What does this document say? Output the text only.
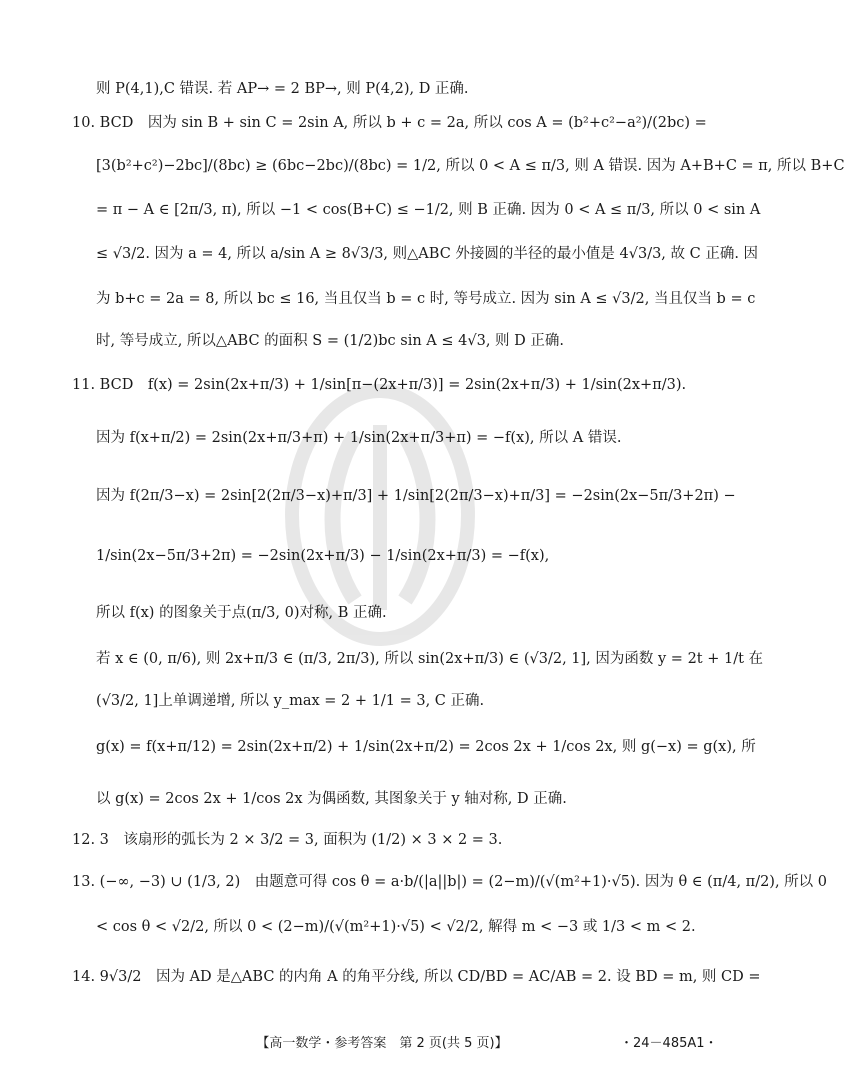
则 P(4,1),C 错误. 若 AP→ = 2 BP→, 则 P(4,2), D 正确.
10. BCD　因为 sin B + sin C = 2sin A, 所以 b + c = 2a, 所以 cos A = (b²+c²−a²)/(2bc) =
[3(b²+c²)−2bc]/(8bc) ≥ (6bc−2bc)/(8bc) = 1/2, 所以 0 < A ≤ π/3, 则 A 错误. 因为 A+B+C = π, 所以 B+C
= π − A ∈ [2π/3, π), 所以 −1 < cos(B+C) ≤ −1/2, 则 B 正确. 因为 0 < A ≤ π/3, 所以 0 < sin A
≤ √3/2. 因为 a = 4, 所以 a/sin A ≥ 8√3/3, 则△ABC 外接圆的半径的最小值是 4√3/3, 故 C 正确. 因
为 b+c = 2a = 8, 所以 bc ≤ 16, 当且仅当 b = c 时, 等号成立. 因为 sin A ≤ √3/2, 当且仅当 b = c
时, 等号成立, 所以△ABC 的面积 S = (1/2)bc sin A ≤ 4√3, 则 D 正确.
11. BCD　f(x) = 2sin(2x+π/3) + 1/sin[π−(2x+π/3)] = 2sin(2x+π/3) + 1/sin(2x+π/3).
因为 f(x+π/2) = 2sin(2x+π/3+π) + 1/sin(2x+π/3+π) = −f(x), 所以 A 错误.
因为 f(2π/3−x) = 2sin[2(2π/3−x)+π/3] + 1/sin[2(2π/3−x)+π/3] = −2sin(2x−5π/3+2π) −
1/sin(2x−5π/3+2π) = −2sin(2x+π/3) − 1/sin(2x+π/3) = −f(x),
所以 f(x) 的图象关于点(π/3, 0)对称, B 正确.
若 x ∈ (0, π/6), 则 2x+π/3 ∈ (π/3, 2π/3), 所以 sin(2x+π/3) ∈ (√3/2, 1], 因为函数 y = 2t + 1/t 在
(√3/2, 1]上单调递增, 所以 y_max = 2 + 1/1 = 3, C 正确.
g(x) = f(x+π/12) = 2sin(2x+π/2) + 1/sin(2x+π/2) = 2cos 2x + 1/cos 2x, 则 g(−x) = g(x), 所
以 g(x) = 2cos 2x + 1/cos 2x 为偶函数, 其图象关于 y 轴对称, D 正确.
12. 3　该扇形的弧长为 2 × 3/2 = 3, 面积为 (1/2) × 3 × 2 = 3.
13. (−∞, −3) ∪ (1/3, 2)　由题意可得 cos θ = a·b/(|a||b|) = (2−m)/(√(m²+1)·√5). 因为 θ ∈ (π/4, π/2), 所以 0
< cos θ < √2/2, 所以 0 < (2−m)/(√(m²+1)·√5) < √2/2, 解得 m < −3 或 1/3 < m < 2.
14. 9√3/2　因为 AD 是△ABC 的内角 A 的角平分线, 所以 CD/BD = AC/AB = 2. 设 BD = m, 则 CD =
【高一数学・参考答案　第 2 页(共 5 页)】	・24－485A1・
